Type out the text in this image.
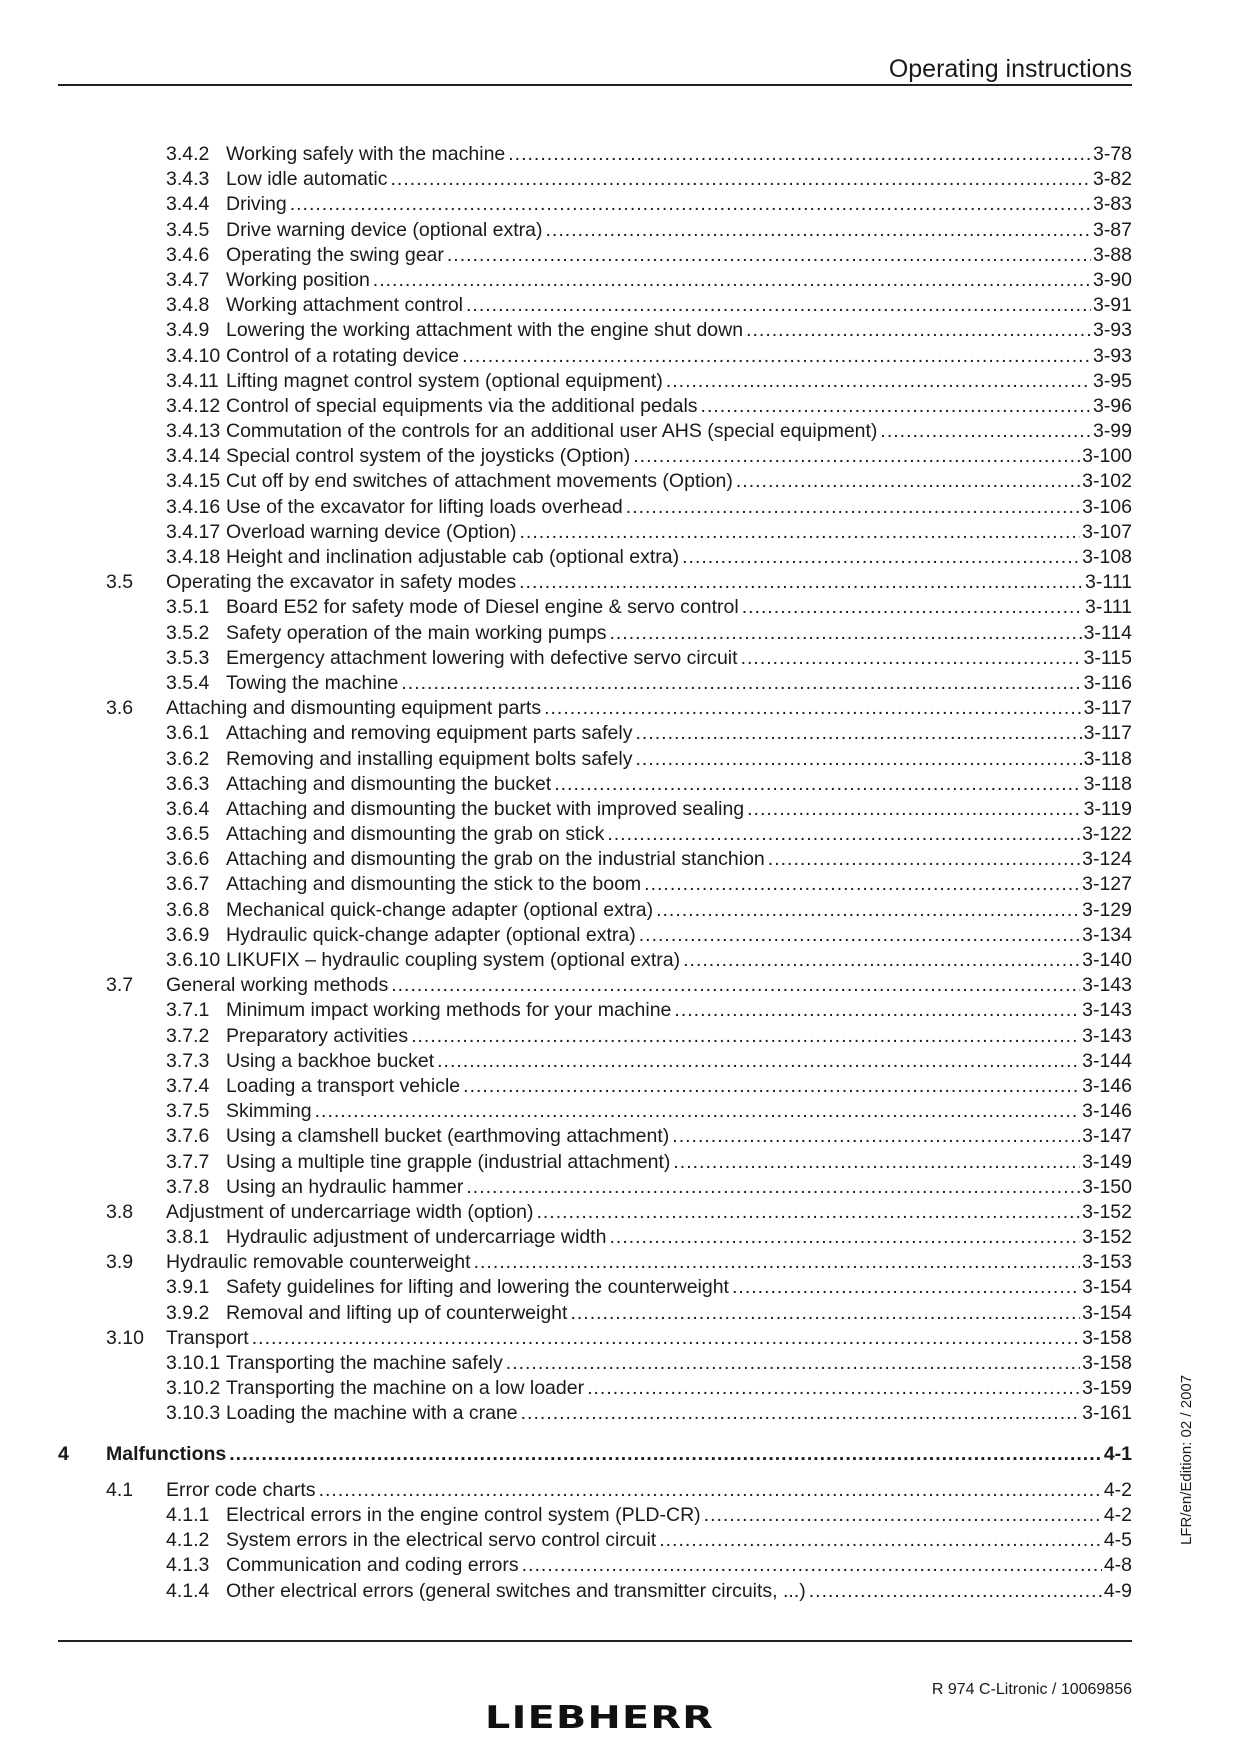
Operating instructions
3.4.2 Working safely with the machine .....	3-78
3.4.3 Low idle automatic .....	3-82
3.4.4 Driving .....	3-83
3.4.5 Drive warning device (optional extra) .....	3-87
3.4.6 Operating the swing gear .....	3-88
3.4.7 Working position .....	3-90
3.4.8 Working attachment control .....	3-91
3.4.9 Lowering the working attachment with the engine shut down .....	3-93
3.4.10 Control of a rotating device .....	3-93
3.4.11 Lifting magnet control system (optional equipment) .....	3-95
3.4.12 Control of special equipments via the additional pedals .....	3-96
3.4.13 Commutation of the controls for an additional user AHS (special equipment) .....	3-99
3.4.14 Special control system of the joysticks (Option) .....	3-100
3.4.15 Cut off by end switches of attachment movements (Option) .....	3-102
3.4.16 Use of the excavator for lifting loads overhead .....	3-106
3.4.17 Overload warning device (Option) .....	3-107
3.4.18 Height and inclination adjustable cab (optional extra) .....	3-108
3.5	Operating the excavator in safety modes .....	3-111
3.5.1 Board E52 for safety mode of Diesel engine & servo control .....	3-111
3.5.2 Safety operation of the main working pumps .....	3-114
3.5.3 Emergency attachment lowering with defective servo circuit .....	3-115
3.5.4 Towing the machine .....	3-116
3.6	Attaching and dismounting equipment parts .....	3-117
3.6.1 Attaching and removing equipment parts safely .....	3-117
3.6.2 Removing and installing equipment bolts safely .....	3-118
3.6.3 Attaching and dismounting the bucket .....	3-118
3.6.4 Attaching and dismounting the bucket with improved sealing .....	3-119
3.6.5 Attaching and dismounting the grab on stick .....	3-122
3.6.6 Attaching and dismounting the grab on the industrial stanchion .....	3-124
3.6.7 Attaching and dismounting the stick to the boom .....	3-127
3.6.8 Mechanical quick-change adapter (optional extra) .....	3-129
3.6.9 Hydraulic quick-change adapter (optional extra) .....	3-134
3.6.10 LIKUFIX – hydraulic coupling system (optional extra) .....	3-140
3.7	General working methods .....	3-143
3.7.1 Minimum impact working methods for your machine .....	3-143
3.7.2 Preparatory activities .....	3-143
3.7.3 Using a backhoe bucket .....	3-144
3.7.4 Loading a transport vehicle .....	3-146
3.7.5 Skimming .....	3-146
3.7.6 Using a clamshell bucket (earthmoving attachment) .....	3-147
3.7.7 Using a multiple tine grapple (industrial attachment) .....	3-149
3.7.8 Using an hydraulic hammer .....	3-150
3.8	Adjustment of undercarriage width (option) .....	3-152
3.8.1 Hydraulic adjustment of undercarriage width .....	3-152
3.9	Hydraulic removable counterweight .....	3-153
3.9.1 Safety guidelines for lifting and lowering the counterweight .....	3-154
3.9.2 Removal and lifting up of counterweight .....	3-154
3.10	Transport .....	3-158
3.10.1 Transporting the machine safely .....	3-158
3.10.2 Transporting the machine on a low loader .....	3-159
3.10.3 Loading the machine with a crane .....	3-161
4	Malfunctions .....	4-1
4.1	Error code charts .....	4-2
4.1.1 Electrical errors in the engine control system (PLD-CR) .....	4-2
4.1.2 System errors in the electrical servo control circuit .....	4-5
4.1.3 Communication and coding errors .....	4-8
4.1.4 Other electrical errors (general switches and transmitter circuits, ...) .....	4-9
LFR/en/Edition: 02 / 2007
R 974 C-Litronic / 10069856
LIEBHERR
